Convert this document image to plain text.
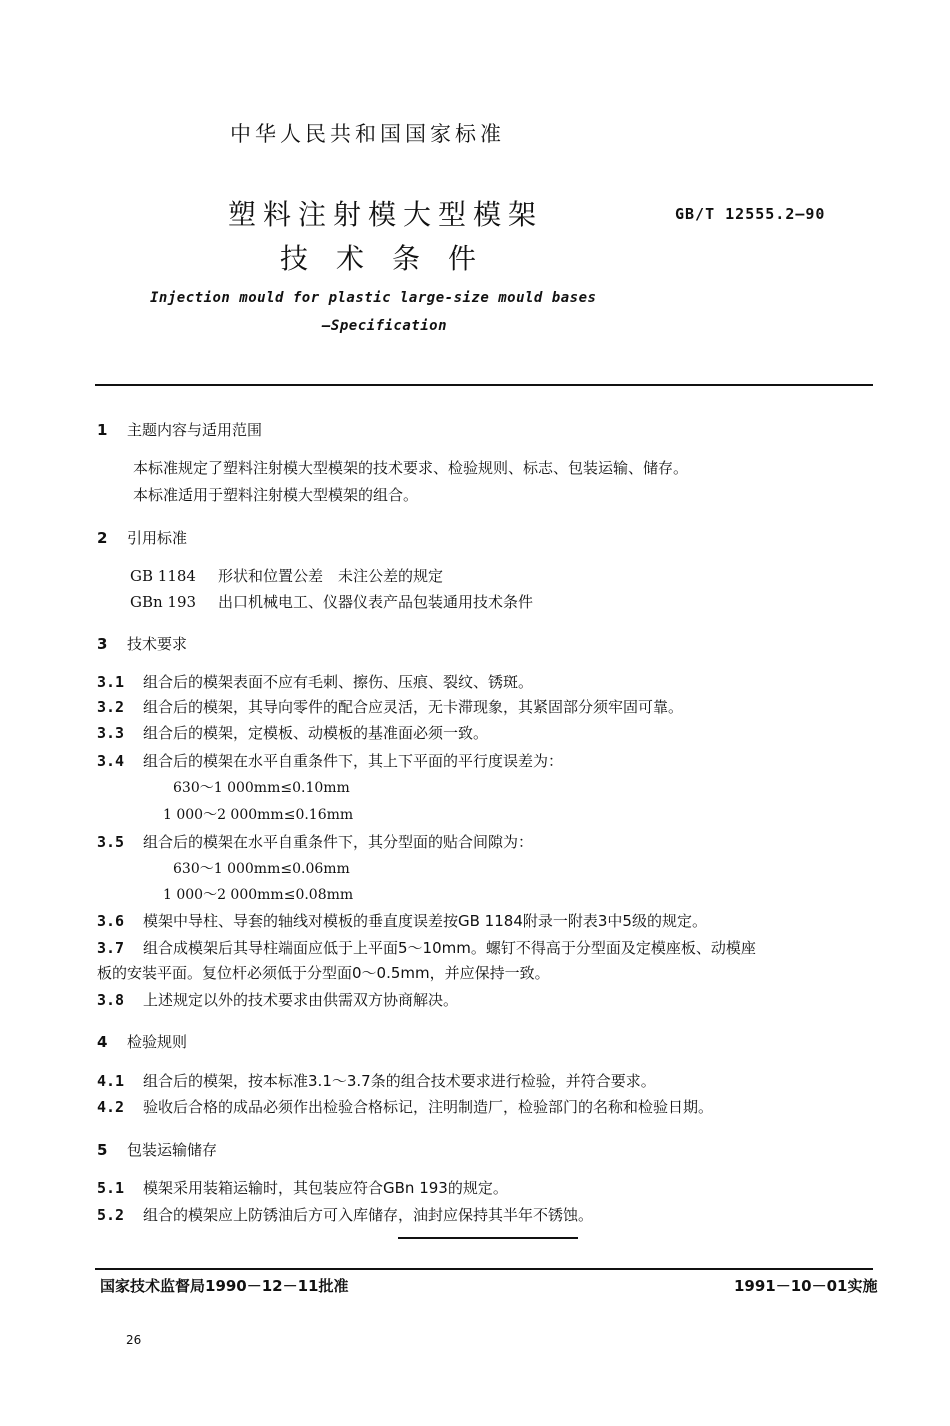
中华人民共和国国家标准
塑料注射模大型模架
技术条件
GB/T 12555.2—90
Injection mould for plastic large-size mould bases
—Specification
1 主题内容与适用范围
本标准规定了塑料注射模大型模架的技术要求、检验规则、标志、包装运输、储存。
本标准适用于塑料注射模大型模架的组合。
2 引用标准
GB 1184 形状和位置公差　未注公差的规定
GBn 193 出口机械电工、仪器仪表产品包装通用技术条件
3 技术要求
3.1 组合后的模架表面不应有毛刺、擦伤、压痕、裂纹、锈斑。
3.2 组合后的模架，其导向零件的配合应灵活，无卡滞现象，其紧固部分须牢固可靠。
3.3 组合后的模架，定模板、动模板的基准面必须一致。
3.4 组合后的模架在水平自重条件下，其上下平面的平行度误差为：
630～1 000mm≤0.10mm
1 000～2 000mm≤0.16mm
3.5 组合后的模架在水平自重条件下，其分型面的贴合间隙为：
630～1 000mm≤0.06mm
1 000～2 000mm≤0.08mm
3.6 模架中导柱、导套的轴线对模板的垂直度误差按GB 1184附录一附表3中5级的规定。
3.7 组合成模架后其导柱端面应低于上平面5～10mm。螺钉不得高于分型面及定模座板、动模座
板的安装平面。复位杆必须低于分型面0～0.5mm，并应保持一致。
3.8 上述规定以外的技术要求由供需双方协商解决。
4 检验规则
4.1 组合后的模架，按本标准3.1～3.7条的组合技术要求进行检验，并符合要求。
4.2 验收后合格的成品必须作出检验合格标记，注明制造厂，检验部门的名称和检验日期。
5 包装运输储存
5.1 模架采用装箱运输时，其包装应符合GBn 193的规定。
5.2 组合的模架应上防锈油后方可入库储存，油封应保持其半年不锈蚀。
国家技术监督局1990－12－11批准	1991－10－01实施
26
